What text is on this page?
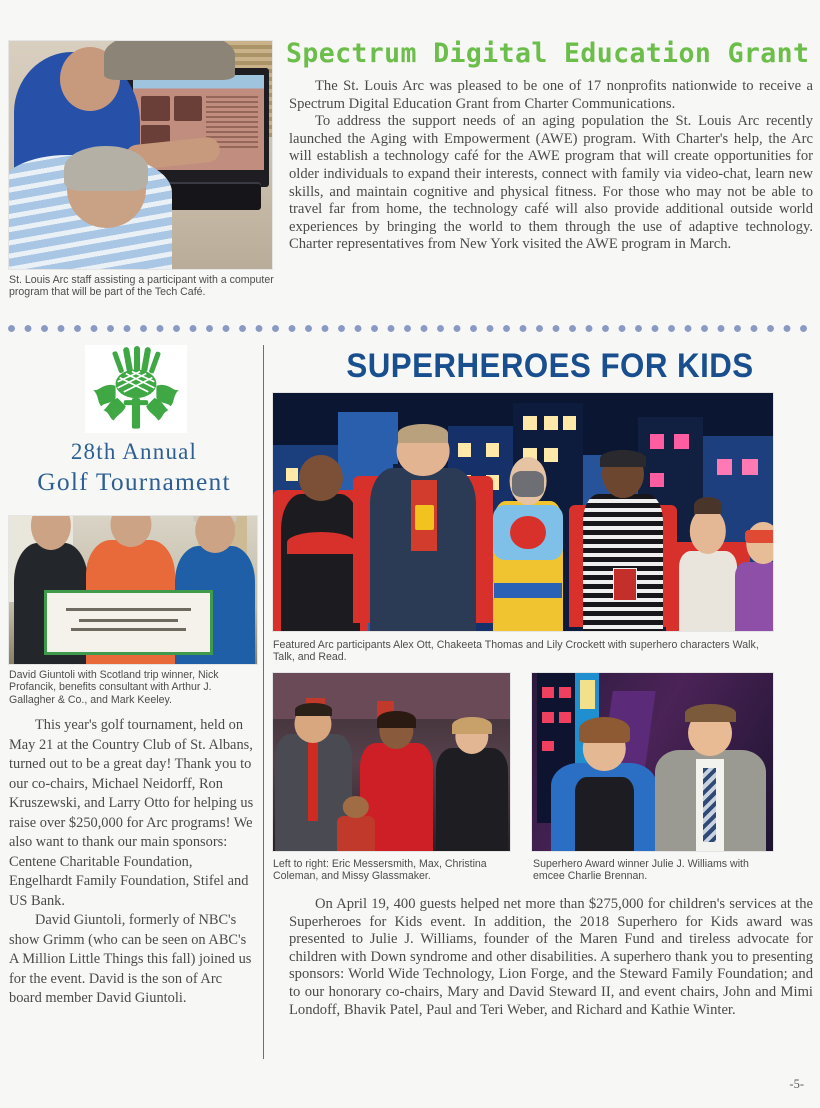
St. Louis Arc staff assisting a participant with a computer program that will be part of the Tech Café.
Spectrum Digital Education Grant

The St. Louis Arc was pleased to be one of 17 nonprofits nationwide to receive a Spectrum Digital Education Grant from Charter Communications.

To address the support needs of an aging population the St. Louis Arc recently launched the Aging with Empowerment (AWE) program. With Charter's help, the Arc will establish a technology café for the AWE program that will create opportunities for older individuals to expand their interests, connect with family via video-chat, learn new skills, and maintain cognitive and physical fitness. For those who may not be able to travel far from home, the technology café will also provide additional outside world experiences by bringing the world to them through the use of adaptive technology. Charter representatives from New York visited the AWE program in March.

28th Annual
Golf Tournament
David Giuntoli with Scotland trip winner, Nick Profancik, benefits consultant with Arthur J. Gallagher & Co., and Mark Keeley.

This year's golf tournament, held on May 21 at the Country Club of St. Albans, turned out to be a great day! Thank you to our co-chairs, Michael Neidorff, Ron Kruszewski, and Larry Otto for helping us raise over $250,000 for Arc programs! We also want to thank our main sponsors: Centene Charitable Foundation, Engelhardt Family Foundation, Stifel and US Bank.

David Giuntoli, formerly of NBC's show Grimm (who can be seen on ABC's A Million Little Things this fall) joined us for the event. David is the son of Arc board member David Giuntoli.

SUPERHEROES FOR KIDS
Featured Arc participants Alex Ott, Chakeeta Thomas and Lily Crockett with superhero characters Walk, Talk, and Read.
Left to right: Eric Messersmith, Max, Christina Coleman, and Missy Glassmaker.
Superhero Award winner Julie J. Williams with emcee Charlie Brennan.

On April 19, 400 guests helped net more than $275,000 for children's services at the Superheroes for Kids event. In addition, the 2018 Superhero for Kids award was presented to Julie J. Williams, founder of the Maren Fund and tireless advocate for children with Down syndrome and other disabilities. A superhero thank you to presenting sponsors: World Wide Technology, Lion Forge, and the Steward Family Foundation; and to our honorary co-chairs, Mary and David Steward II, and event chairs, John and Mimi Londoff, Bhavik Patel, Paul and Teri Weber, and Richard and Kathie Winter.

-5-
